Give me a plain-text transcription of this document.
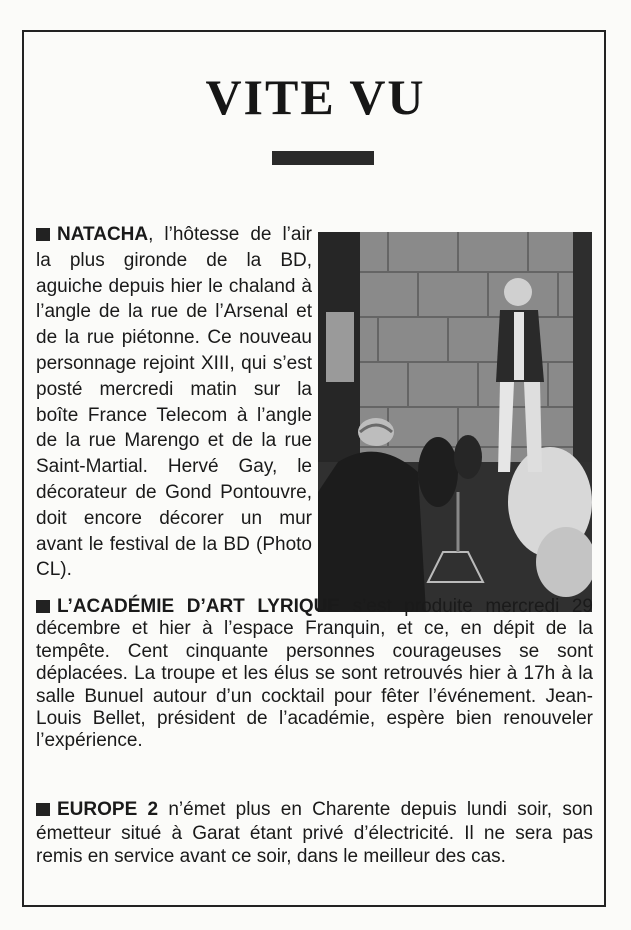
VITE VU

NATACHA, l’hôtesse de l’air la plus gironde de la BD, aguiche depuis hier le chaland à l’angle de la rue de l’Arsenal et de la rue piétonne. Ce nouveau personnage rejoint XIII, qui s’est posté mercredi matin sur la boîte France Telecom à l’angle de la rue Marengo et de la rue Saint-Martial. Hervé Gay, le décorateur de Gond Pontouvre, doit encore décorer un mur avant le festival de la BD (Photo CL).

L’ACADÉMIE D’ART LYRIQUE s’est produite mercredi 29 décembre et hier à l’espace Franquin, et ce, en dépit de la tempête. Cent cinquante personnes courageuses se sont déplacées. La troupe et les élus se sont retrouvés hier à 17h à la salle Bunuel autour d’un cocktail pour fêter l’événement. Jean-Louis Bellet, président de l’académie, espère bien renouveler l’expérience.

EUROPE 2 n’émet plus en Charente depuis lundi soir, son émetteur situé à Garat étant privé d’électricité. Il ne sera pas remis en service avant ce soir, dans le meilleur des cas.
